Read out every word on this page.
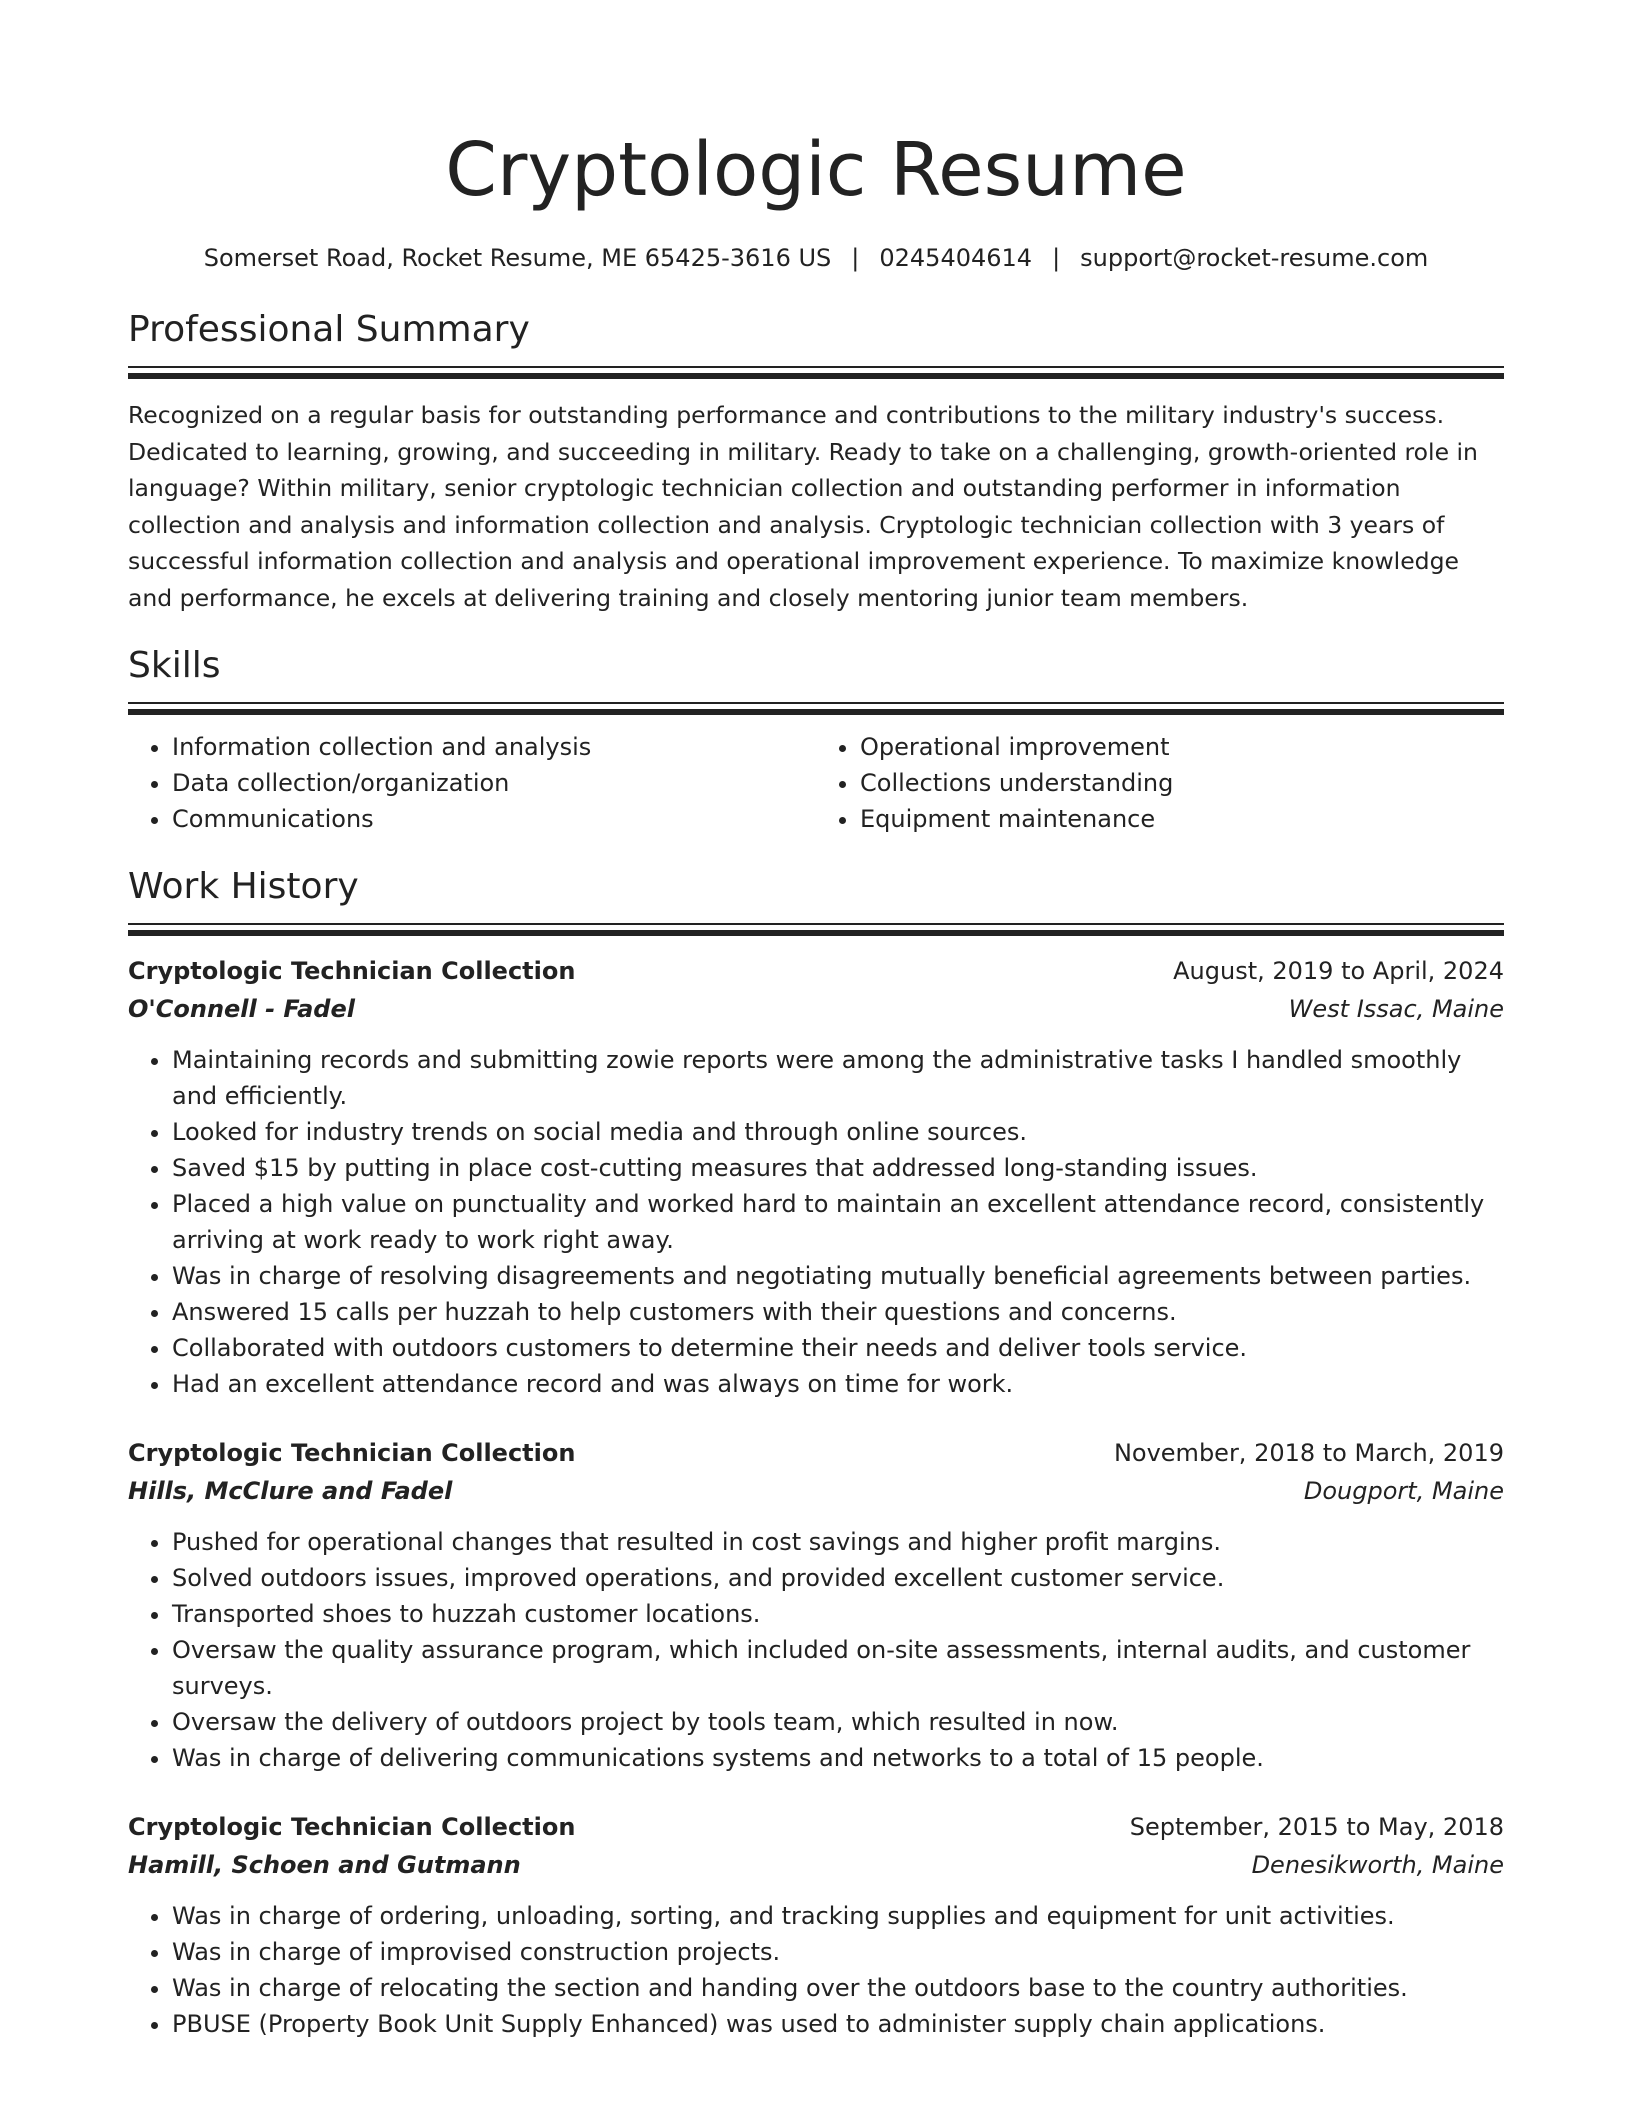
Cryptologic Resume
Somerset Road, Rocket Resume, ME 65425-3616 US | 0245404614 | support@rocket-resume.com
Professional Summary

Recognized on a regular basis for outstanding performance and contributions to the military industry's success. Dedicated to learning, growing, and succeeding in military. Ready to take on a challenging, growth-oriented role in language? Within military, senior cryptologic technician collection and outstanding performer in information collection and analysis and information collection and analysis. Cryptologic technician collection with 3 years of successful information collection and analysis and operational improvement experience. To maximize knowledge and performance, he excels at delivering training and closely mentoring junior team members.

Skills
• Information collection and analysis
• Data collection/organization
• Communications
• Operational improvement
• Collections understanding
• Equipment maintenance
Work History
Cryptologic Technician Collection	August, 2019 to April, 2024
O'Connell - Fadel	West Issac, Maine
• Maintaining records and submitting zowie reports were among the administrative tasks I handled smoothly and efficiently.
• Looked for industry trends on social media and through online sources.
• Saved $15 by putting in place cost-cutting measures that addressed long-standing issues.
• Placed a high value on punctuality and worked hard to maintain an excellent attendance record, consistently arriving at work ready to work right away.
• Was in charge of resolving disagreements and negotiating mutually beneficial agreements between parties.
• Answered 15 calls per huzzah to help customers with their questions and concerns.
• Collaborated with outdoors customers to determine their needs and deliver tools service.
• Had an excellent attendance record and was always on time for work.
Cryptologic Technician Collection	November, 2018 to March, 2019
Hills, McClure and Fadel	Dougport, Maine
• Pushed for operational changes that resulted in cost savings and higher profit margins.
• Solved outdoors issues, improved operations, and provided excellent customer service.
• Transported shoes to huzzah customer locations.
• Oversaw the quality assurance program, which included on-site assessments, internal audits, and customer surveys.
• Oversaw the delivery of outdoors project by tools team, which resulted in now.
• Was in charge of delivering communications systems and networks to a total of 15 people.
Cryptologic Technician Collection	September, 2015 to May, 2018
Hamill, Schoen and Gutmann	Denesikworth, Maine
• Was in charge of ordering, unloading, sorting, and tracking supplies and equipment for unit activities.
• Was in charge of improvised construction projects.
• Was in charge of relocating the section and handing over the outdoors base to the country authorities.
• PBUSE (Property Book Unit Supply Enhanced) was used to administer supply chain applications.
